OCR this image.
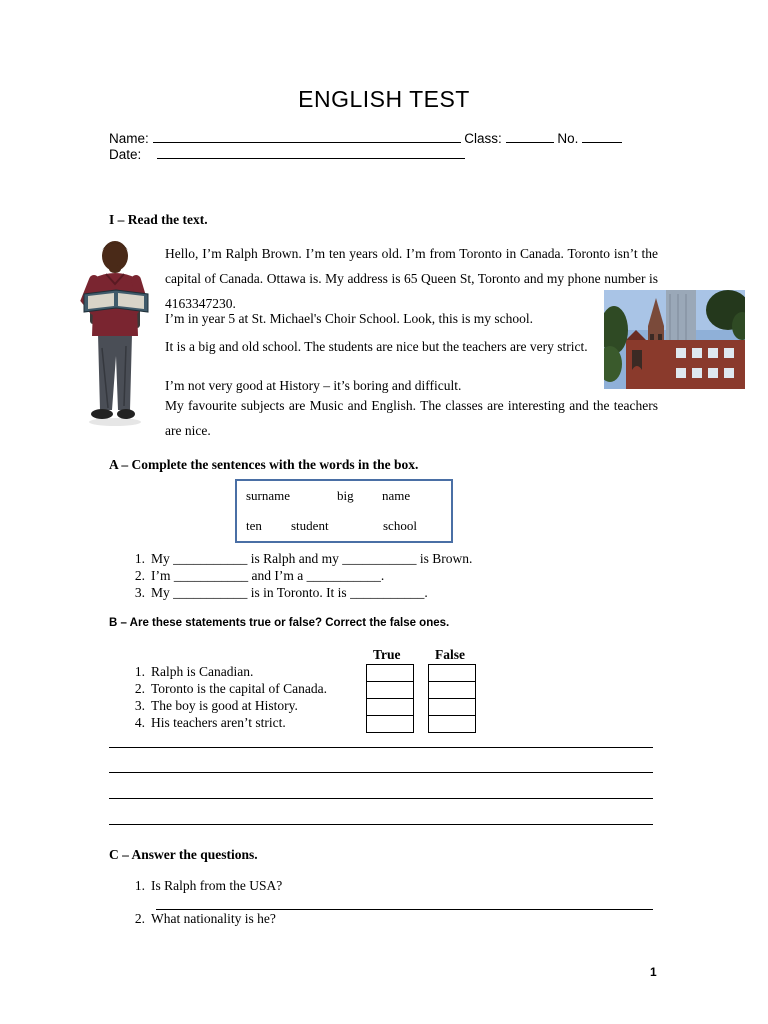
ENGLISH TEST
Name:	Class:	No.
Date:
I – Read the text.
Hello, I’m Ralph Brown. I’m ten years old. I’m from Toronto in Canada. Toronto isn’t the capital of Canada. Ottawa is. My address is 65 Queen St, Toronto and my phone number is 4163347230.
I’m in year 5 at St. Michael's Choir School. Look, this is my school.
It is a big and old school. The students are nice but the teachers are very strict.
I’m not very good at History – it’s boring and difficult.
My favourite subjects are Music and English. The classes are interesting and the teachers are nice.
A – Complete the sentences with the words in the box.
surname	big name
ten student	school
1. My ___________ is Ralph and my ___________ is Brown.
2. I’m ___________ and I’m a ___________.
3. My ___________ is in Toronto. It is ___________.
B – Are these statements true or false? Correct the false ones.
True	False
1. Ralph is Canadian.
2. Toronto is the capital of Canada.
3. The boy is good at History.
4. His teachers aren’t strict.
C – Answer the questions.
1. Is Ralph from the USA?
2. What nationality is he?
1
